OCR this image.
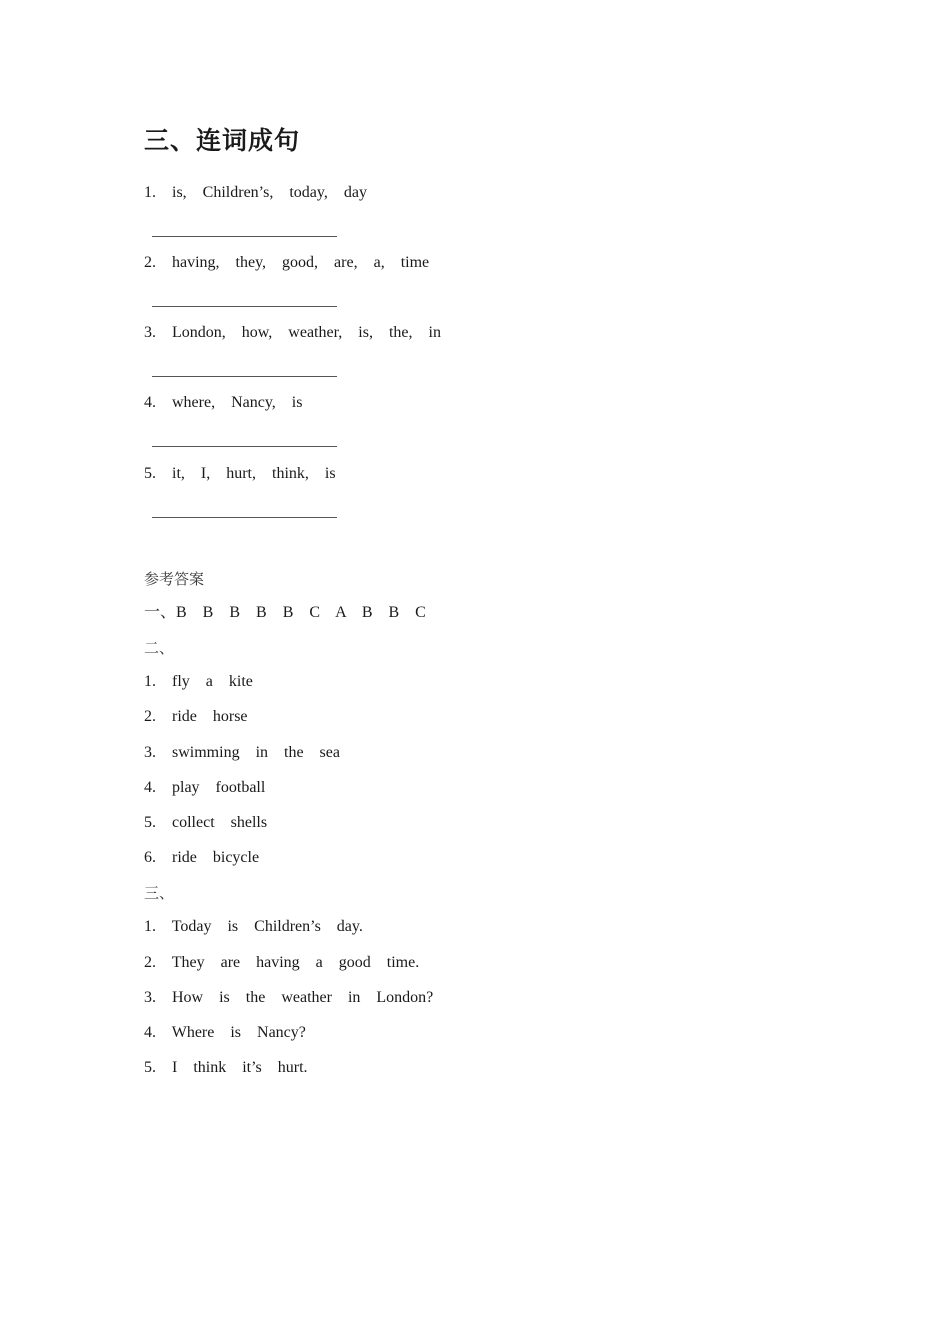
三、连词成句
1.  is,  Children’s,  today,  day
2.  having,  they,  good,  are,  a,  time
3.  London,  how,  weather,  is,  the,  in
4.  where,  Nancy,  is
5.  it,  I,  hurt,  think,  is
参考答案
一、B  B  B  B  B  C  A  B  B  C
二、
1.  fly  a  kite
2.  ride  horse
3.  swimming  in  the  sea
4.  play  football
5.  collect  shells
6.  ride  bicycle
三、
1.  Today  is  Children’s  day.
2.  They  are  having  a  good  time.
3.  How  is  the  weather  in  London?
4.  Where  is  Nancy?
5.  I  think  it’s  hurt.
